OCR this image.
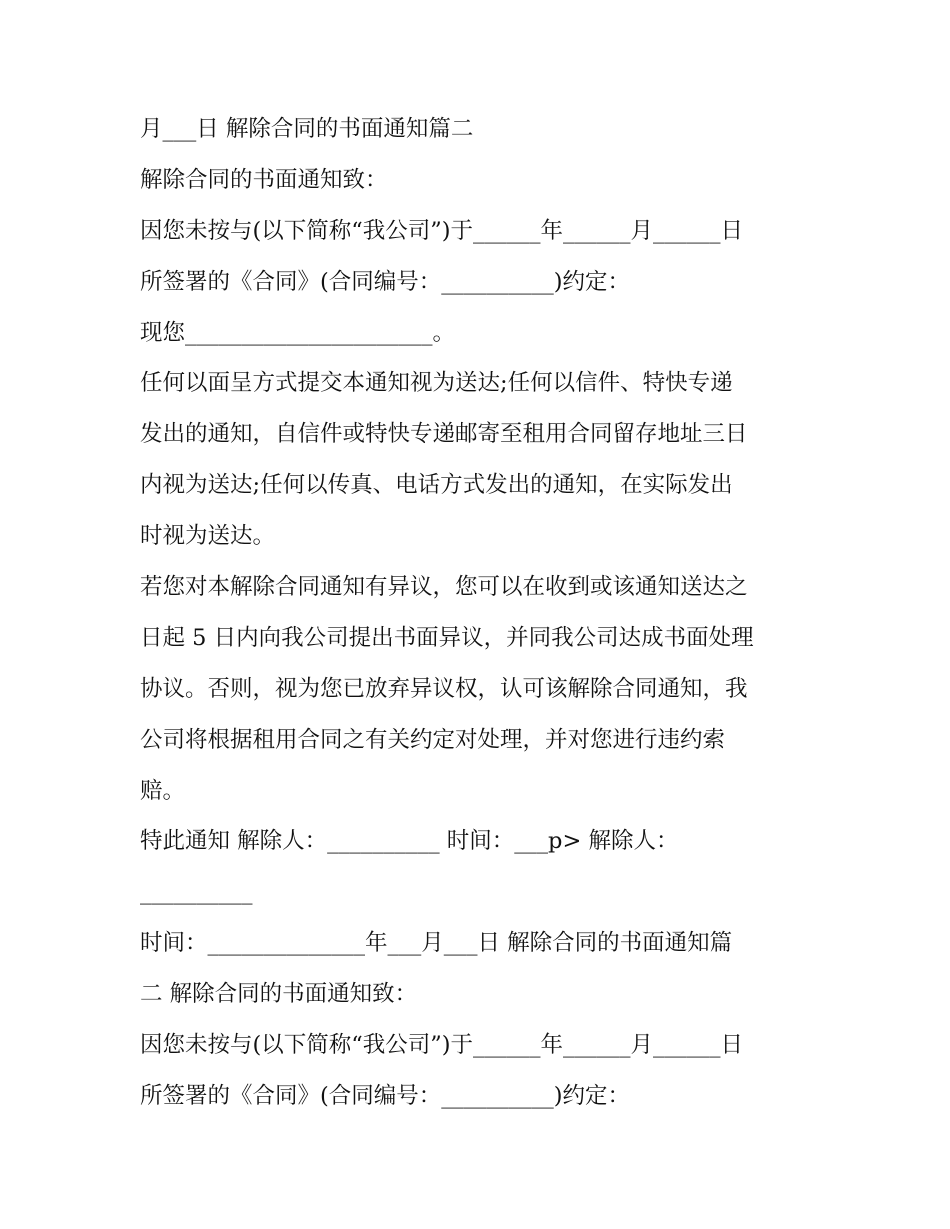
月___日 解除合同的书面通知篇二
解除合同的书面通知致：
因您未按与(以下简称“我公司”)于______年______月______日
所签署的《合同》(合同编号：__________)约定：
现您______________________。
任何以面呈方式提交本通知视为送达;任何以信件、特快专递
发出的通知，自信件或特快专递邮寄至租用合同留存地址三日
内视为送达;任何以传真、电话方式发出的通知，在实际发出
时视为送达。
若您对本解除合同通知有异议，您可以在收到或该通知送达之
日起 5 日内向我公司提出书面异议，并同我公司达成书面处理
协议。否则，视为您已放弃异议权，认可该解除合同通知，我
公司将根据租用合同之有关约定对处理，并对您进行违约索
赔。
特此通知 解除人：__________ 时间：___p> 解除人：
__________
时间：______________年___月___日 解除合同的书面通知篇
二 解除合同的书面通知致：
因您未按与(以下简称“我公司”)于______年______月______日
所签署的《合同》(合同编号：__________)约定：
